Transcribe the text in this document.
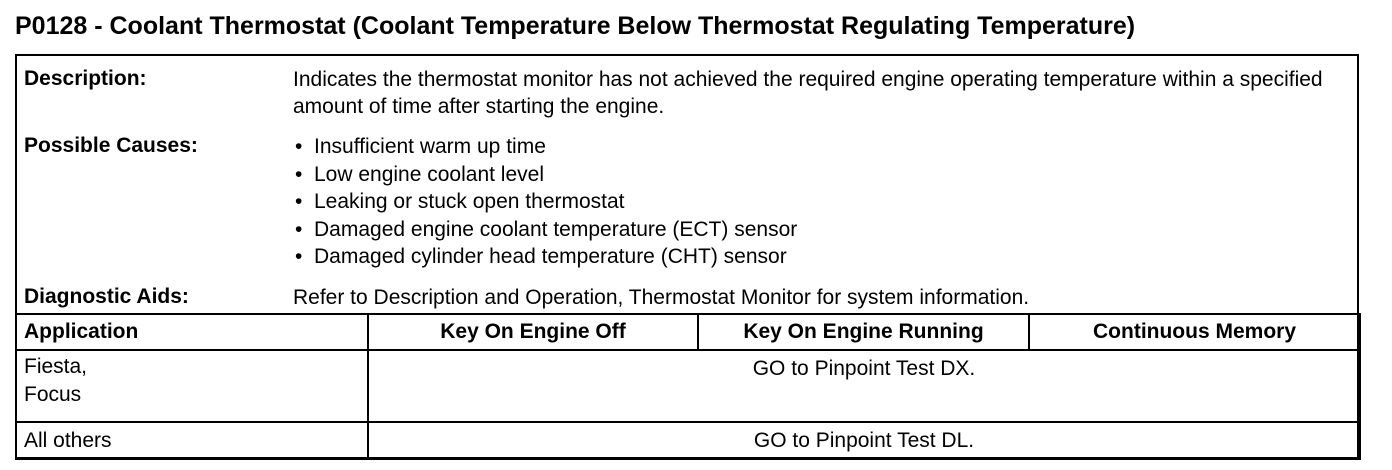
P0128 - Coolant Thermostat (Coolant Temperature Below Thermostat Regulating Temperature)
Description:	Indicates the thermostat monitor has not achieved the required engine operating temperature within a specified amount of time after starting the engine.
Possible Causes:	• Insufficient warm up time
• Low engine coolant level
• Leaking or stuck open thermostat
• Damaged engine coolant temperature (ECT) sensor
• Damaged cylinder head temperature (CHT) sensor
Diagnostic Aids:	Refer to Description and Operation, Thermostat Monitor for system information.
Application	Key On Engine Off	Key On Engine Running	Continuous Memory

Fiesta,
Focus	GO to Pinpoint Test DX.		

All others	GO to Pinpoint Test DL.		
